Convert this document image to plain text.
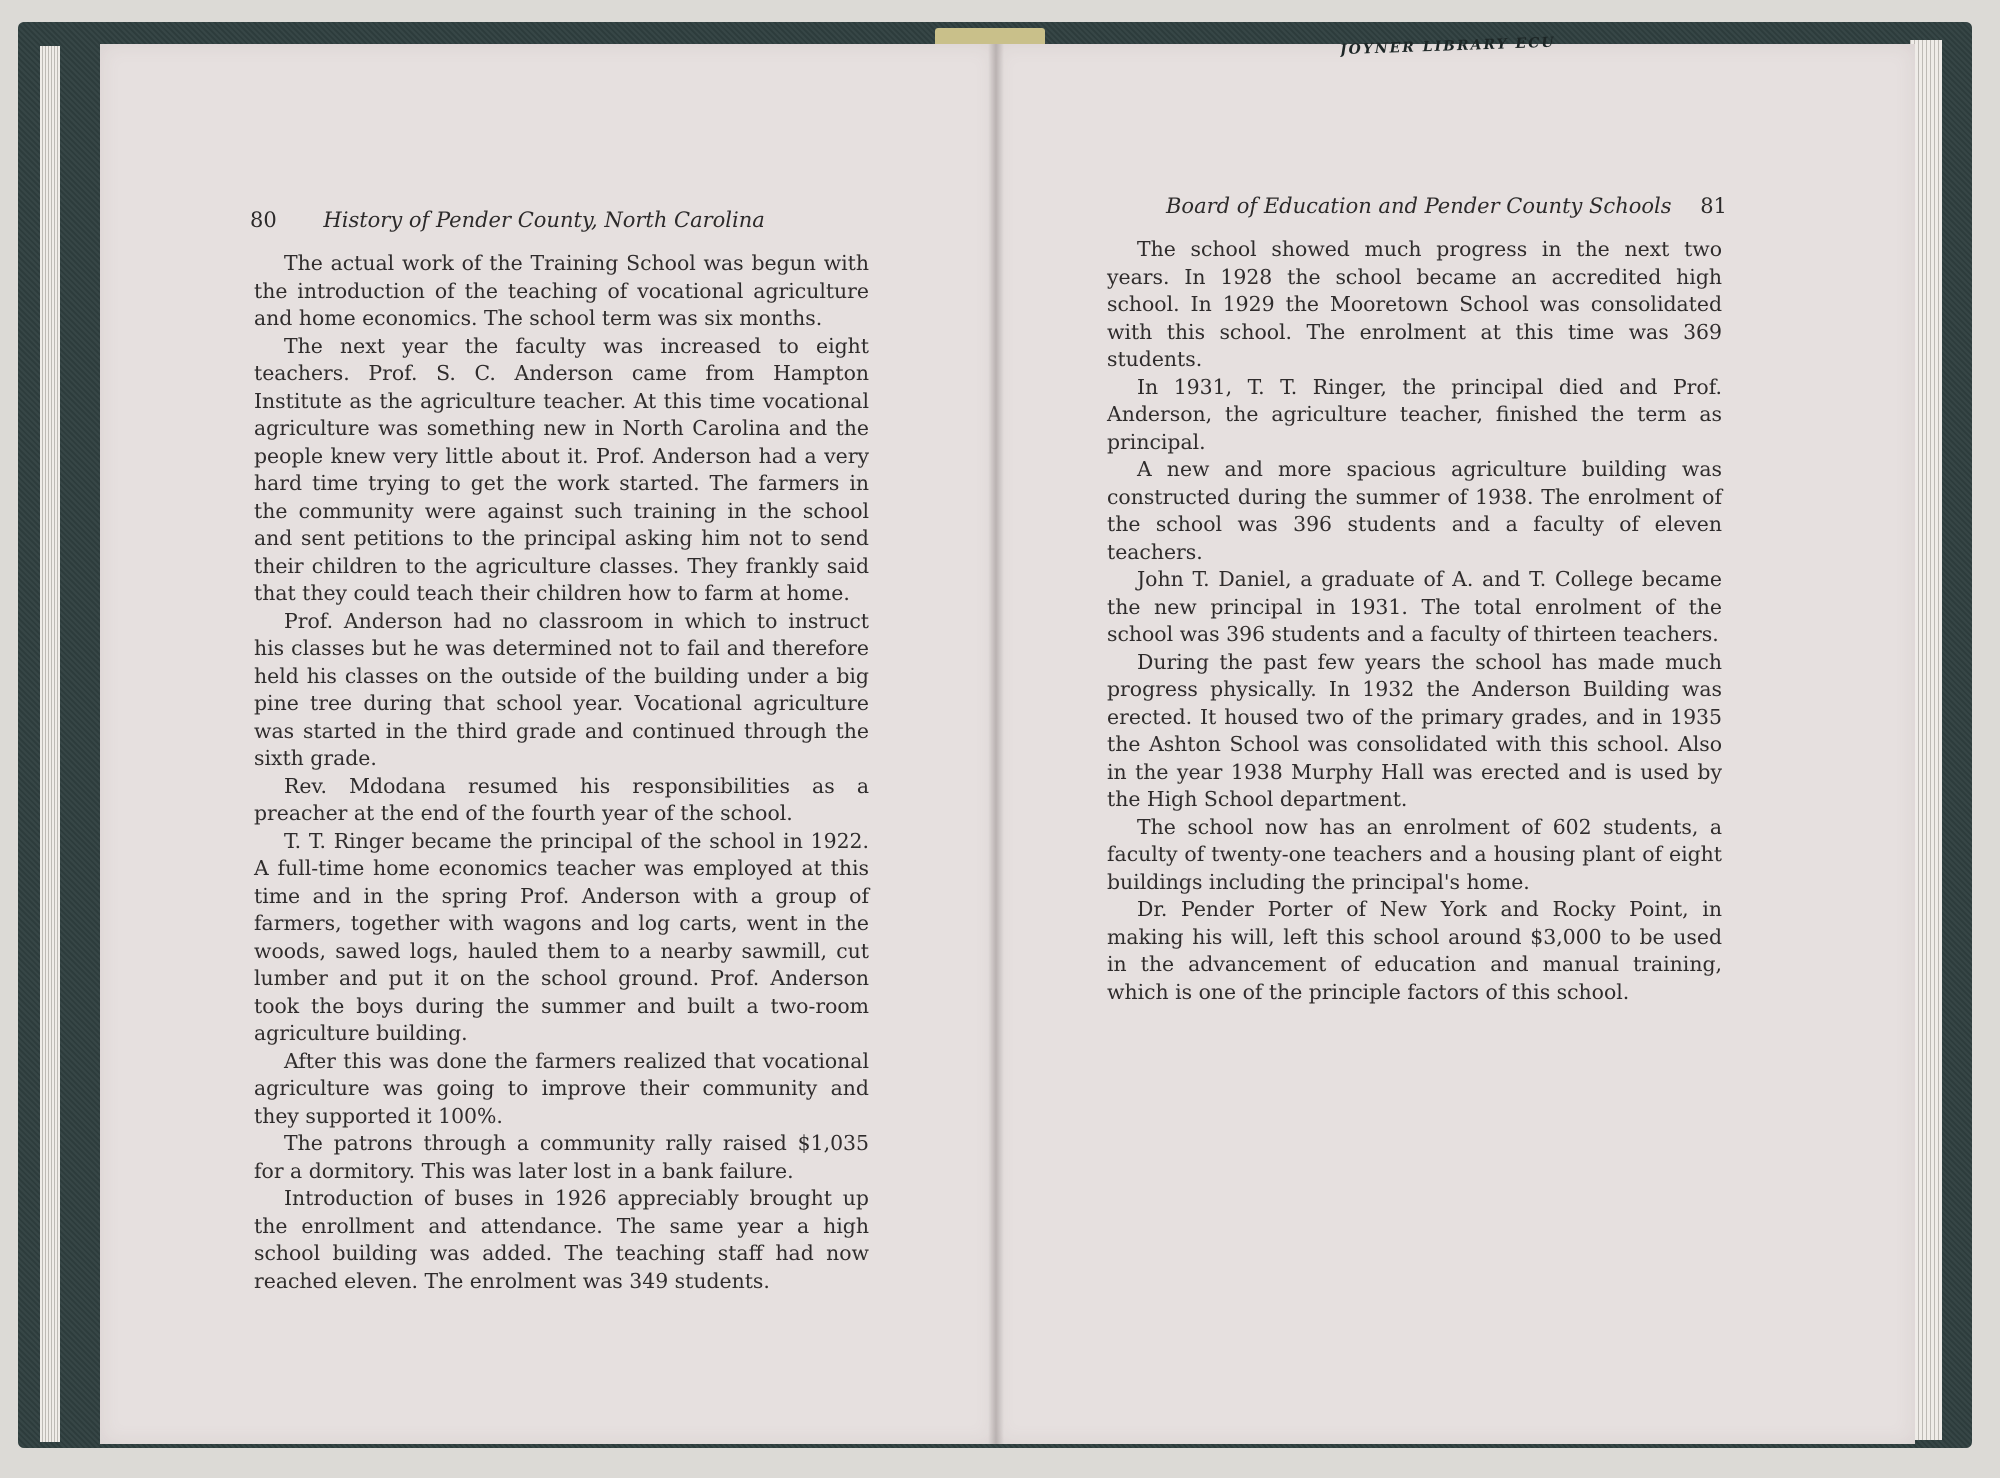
80 History of Pender County, North Carolina

The actual work of the Training School was begun with the introduction of the teaching of vocational agriculture and home economics. The school term was six months.

The next year the faculty was increased to eight teachers. Prof. S. C. Anderson came from Hampton Institute as the agriculture teacher. At this time vocational agriculture was something new in North Carolina and the people knew very little about it. Prof. Anderson had a very hard time trying to get the work started. The farmers in the community were against such training in the school and sent petitions to the principal asking him not to send their children to the agriculture classes. They frankly said that they could teach their children how to farm at home.

Prof. Anderson had no classroom in which to instruct his classes but he was determined not to fail and therefore held his classes on the outside of the building under a big pine tree during that school year. Vocational agriculture was started in the third grade and continued through the sixth grade.

Rev. Mdodana resumed his responsibilities as a preacher at the end of the fourth year of the school.

T. T. Ringer became the principal of the school in 1922. A full-time home economics teacher was employed at this time and in the spring Prof. Anderson with a group of farmers, together with wagons and log carts, went in the woods, sawed logs, hauled them to a nearby sawmill, cut lumber and put it on the school ground. Prof. Anderson took the boys during the summer and built a two-room agriculture building.

After this was done the farmers realized that vocational agriculture was going to improve their community and they supported it 100%.

The patrons through a community rally raised $1,035 for a dormitory. This was later lost in a bank failure.

Introduction of buses in 1926 appreciably brought up the enrollment and attendance. The same year a high school building was added. The teaching staff had now reached eleven. The enrolment was 349 students.

Board of Education and Pender County Schools 81

The school showed much progress in the next two years. In 1928 the school became an accredited high school. In 1929 the Mooretown School was consolidated with this school. The enrolment at this time was 369 students.

In 1931, T. T. Ringer, the principal died and Prof. Anderson, the agriculture teacher, finished the term as principal.

A new and more spacious agriculture building was constructed during the summer of 1938. The enrolment of the school was 396 students and a faculty of eleven teachers.

John T. Daniel, a graduate of A. and T. College became the new principal in 1931. The total enrolment of the school was 396 students and a faculty of thirteen teachers.

During the past few years the school has made much progress physically. In 1932 the Anderson Building was erected. It housed two of the primary grades, and in 1935 the Ashton School was consolidated with this school. Also in the year 1938 Murphy Hall was erected and is used by the High School department.

The school now has an enrolment of 602 students, a faculty of twenty-one teachers and a housing plant of eight buildings including the principal's home.

Dr. Pender Porter of New York and Rocky Point, in making his will, left this school around $3,000 to be used in the advancement of education and manual training, which is one of the principle factors of this school.

JOYNER LIBRARY ECU
